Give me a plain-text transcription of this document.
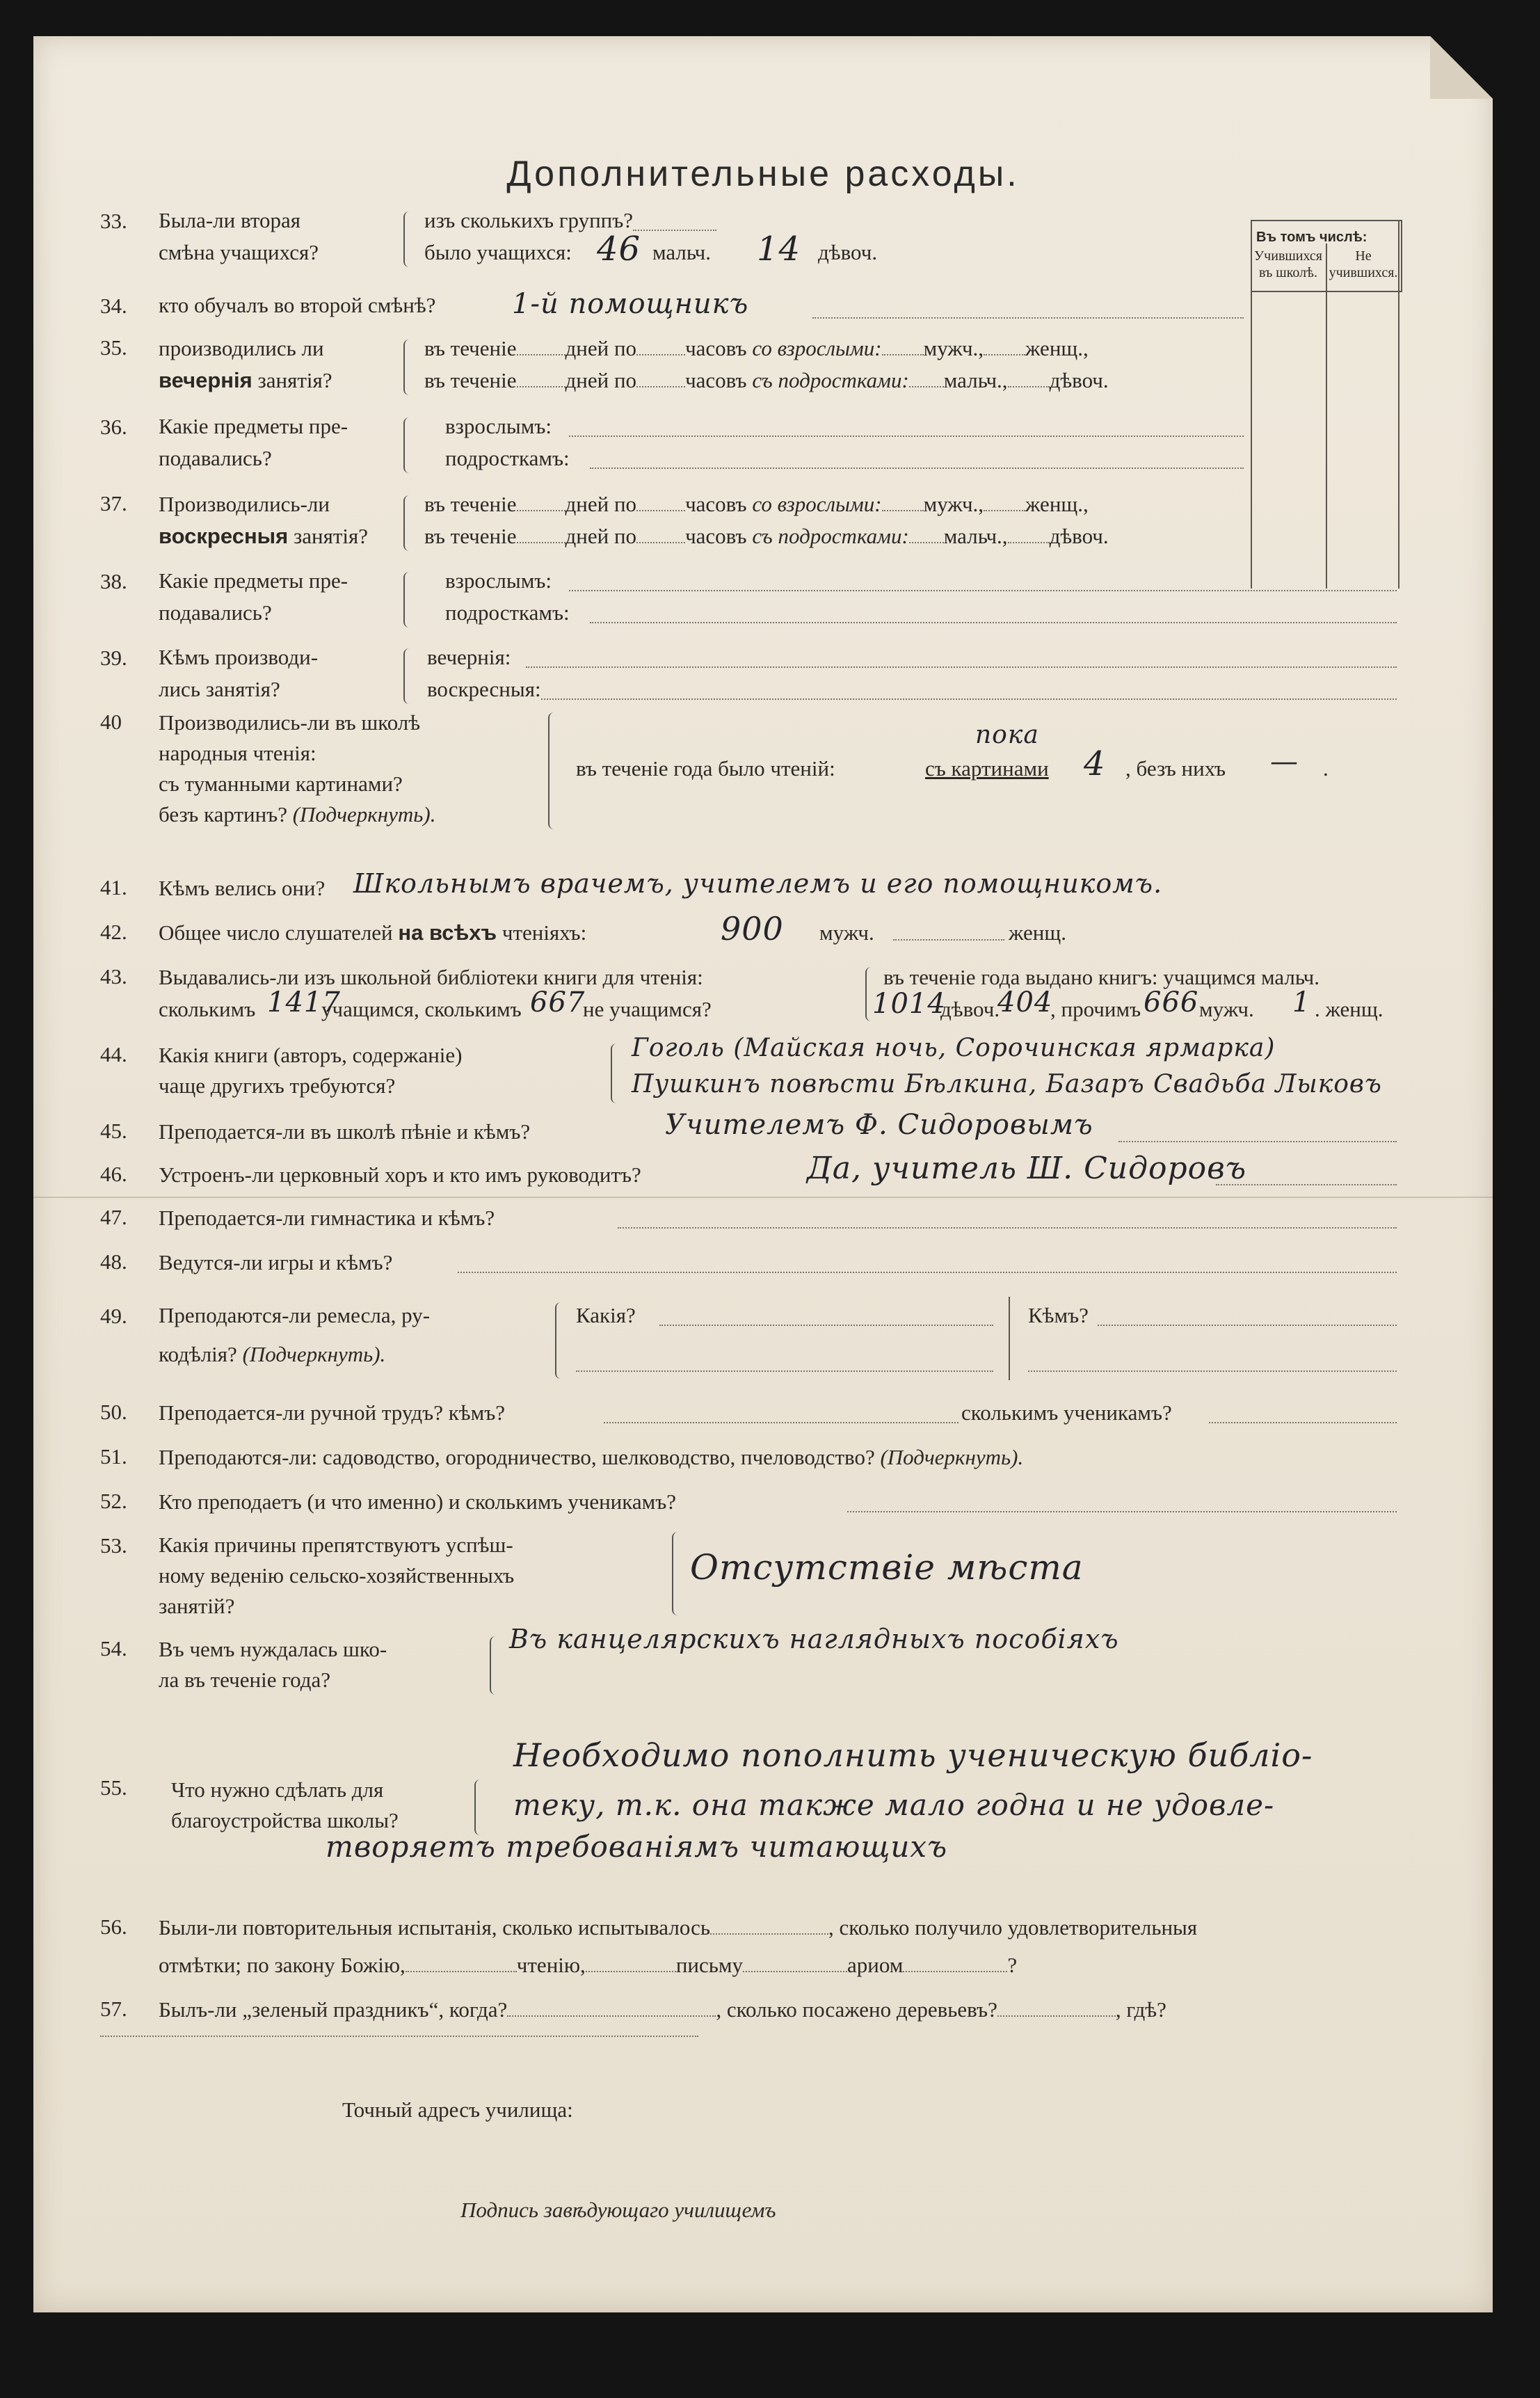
Дополнительные расходы.
Въ томъ числѣ:
Учившихся въ школѣ.
Не учившихся.
33. Была-ли вторая
смѣна учащихся?
изъ сколькихъ группъ?
было учащихся: 46 мальч. 14 дѣвоч.
34. кто обучалъ во второй смѣнѣ?	1-й помощникъ
35. производились ли
вечернія занятія?
въ теченіе дней по часовъ со взрослыми: мужч., женщ.,
въ теченіе дней по часовъ съ подростками: мальч., дѣвоч.
36. Какіе предметы пре-
подавались?
взрослымъ:
подросткамъ:
37. Производились-ли
воскресныя занятія?
въ теченіе дней по часовъ со взрослыми: мужч., женщ.,
въ теченіе дней по часовъ съ подростками: мальч., дѣвоч.
38. Какіе предметы пре-
подавались?
взрослымъ:
подросткамъ:
39. Кѣмъ производи-
лись занятія?
вечернія:
воскресныя:
40 Производились-ли въ школѣ
народныя чтенія:
съ туманными картинами?
безъ картинъ? (Подчеркнуть).
въ теченіе года было чтеній:	съ картинами
пока
4 , безъ нихъ — .
41. Кѣмъ велись они? Школьнымъ врачемъ, учителемъ и его помощникомъ.
42. Общее число слушателей на всѣхъ чтеніяхъ:	900 мужч.	женщ.
43. Выдавались-ли изъ школьной библіотеки книги для чтенія:
сколькимъ 1417
учащимся, сколькимъ 667
не учащимся?
въ теченіе года выдано книгъ: учащимся мальч.
1014
дѣвоч.
404
, прочимъ 666 мужч. 1 . женщ.
44. Какія книги (авторъ, содержаніе)
чаще другихъ требуются?
Гоголь (Майская ночь, Сорочинская ярмарка)
Пушкинъ повѣсти Бѣлкина, Базаръ Свадьба Лыковъ
45. Преподается-ли въ школѣ пѣніе и кѣмъ?	Учителемъ Ф. Сидоровымъ
46. Устроенъ-ли церковный хоръ и кто имъ руководитъ?	Да, учитель Ш. Сидоровъ
47. Преподается-ли гимнастика и кѣмъ?
48. Ведутся-ли игры и кѣмъ?
49. Преподаются-ли ремесла, ру-
кодѣлія? (Подчеркнуть).
Какія?	Кѣмъ?
50. Преподается-ли ручной трудъ? кѣмъ?	сколькимъ ученикамъ?
51. Преподаются-ли: садоводство, огородничество, шелководство, пчеловодство? (Подчеркнуть).
52. Кто преподаетъ (и что именно) и сколькимъ ученикамъ?
53. Какія причины препятствуютъ успѣш-
ному веденію сельско-хозяйственныхъ
занятій?
Отсутствіе мѣста
54. Въ чемъ нуждалась шко-
ла въ теченіе года?
Въ канцелярскихъ наглядныхъ пособіяхъ
55. Что нужно сдѣлать для
благоустройства школы?
Необходимо пополнить ученическую библіо-
теку, т.к. она также мало годна и не удовле-
творяетъ требованіямъ читающихъ
56. Были-ли повторительныя испытанія, сколько испытывалось	, сколько получило удовлетворительныя
отмѣтки; по закону Божію,	чтенію,	письму	ариом	?
57. Былъ-ли „зеленый праздникъ“, когда?	, сколько посажено деревьевъ?	, гдѣ?
Точный адресъ училища:
Подпись завѣдующаго училищемъ
